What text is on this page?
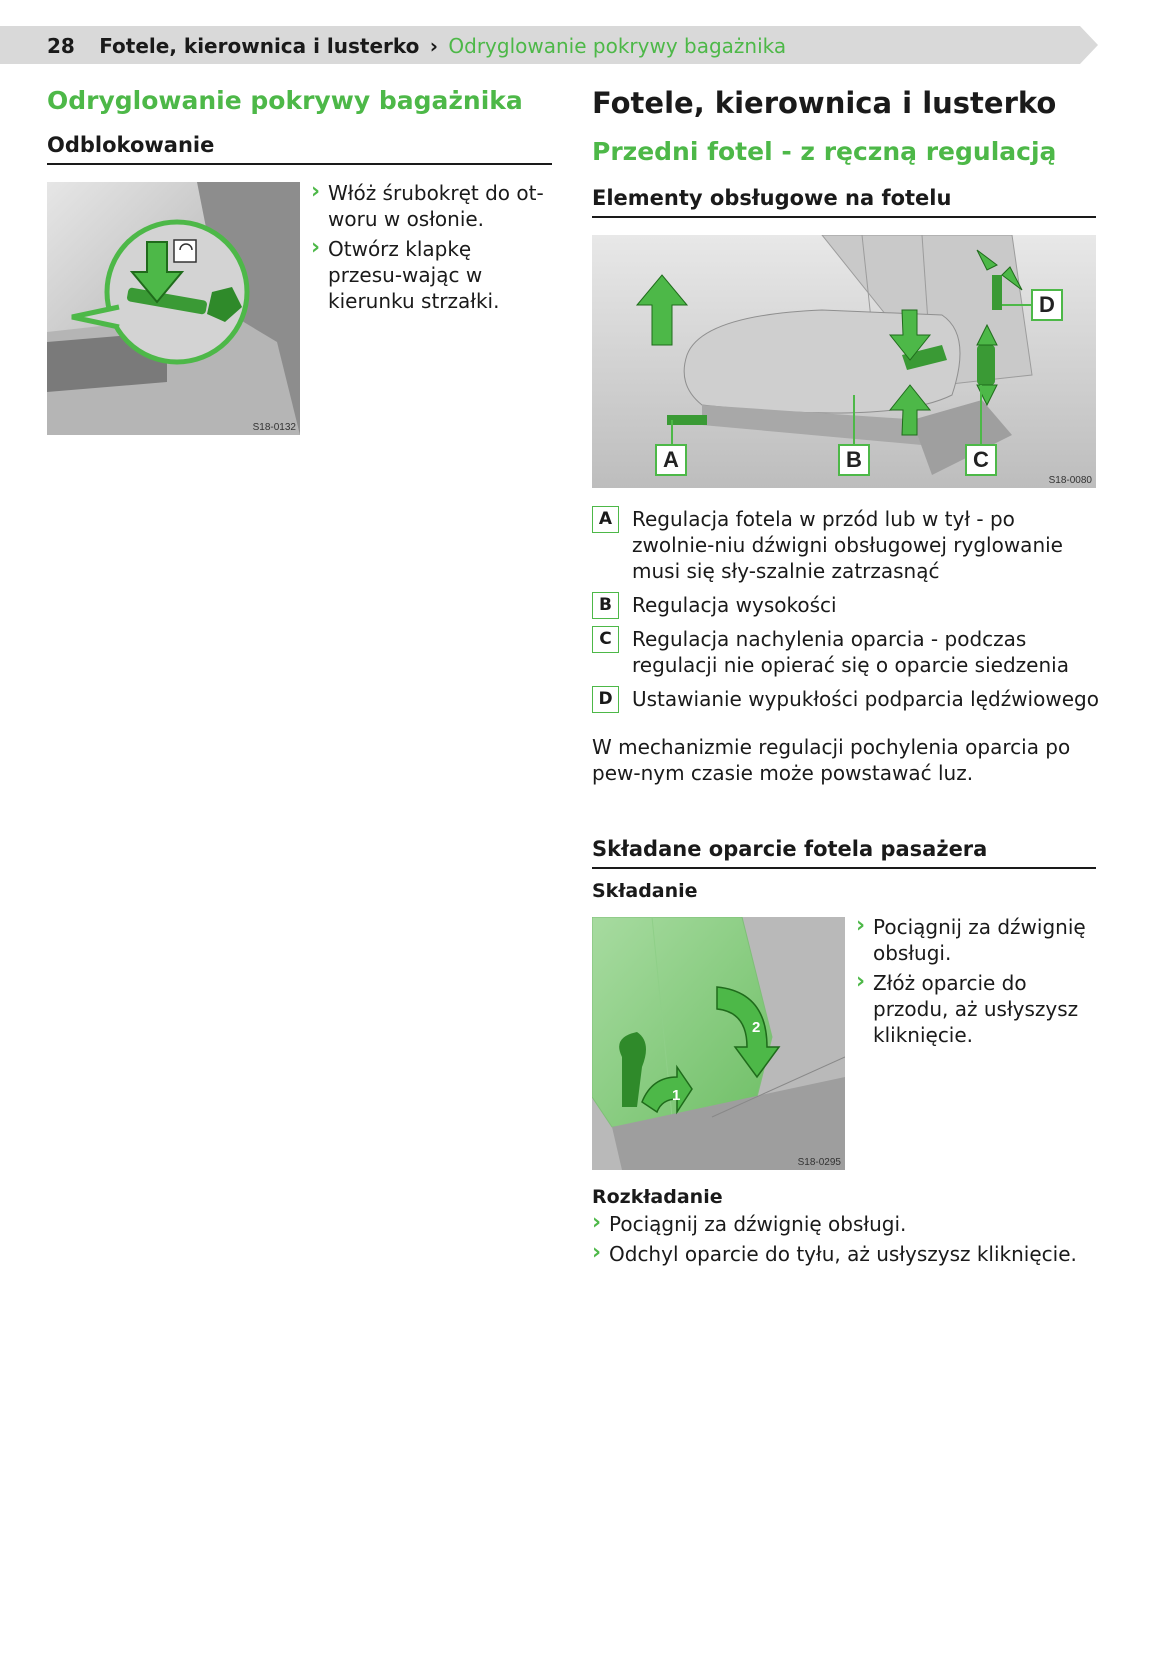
28 Fotele, kierownica i lusterko › Odryglowanie pokrywy bagażnika
Odryglowanie pokrywy bagażnika
Odblokowanie
S18-0132
› Włóż śrubokręt do ot-woru w osłonie.
› Otwórz klapkę przesu-wając w kierunku strzałki.
Fotele, kierownica i lusterko
Przedni fotel - z ręczną regulacją
Elementy obsługowe na fotelu
A	B	C
D
S18-0080
A Regulacja fotela w przód lub w tył - po zwolnie-niu dźwigni obsługowej ryglowanie musi się sły-szalnie zatrzasnąć
B	Regulacja wysokości
C	Regulacja nachylenia oparcia - podczas regulacji nie opierać się o oparcie siedzenia
D Ustawianie wypukłości podparcia lędźwiowego

W mechanizmie regulacji pochylenia oparcia po pew-nym czasie może powstawać luz.

Składane oparcie fotela pasażera
Składanie
2
1
S18-0295
› Pociągnij za dźwignię obsługi.
› Złóż oparcie do przodu, aż usłyszysz kliknięcie.
Rozkładanie
› Pociągnij za dźwignię obsługi.
› Odchyl oparcie do tyłu, aż usłyszysz kliknięcie.
